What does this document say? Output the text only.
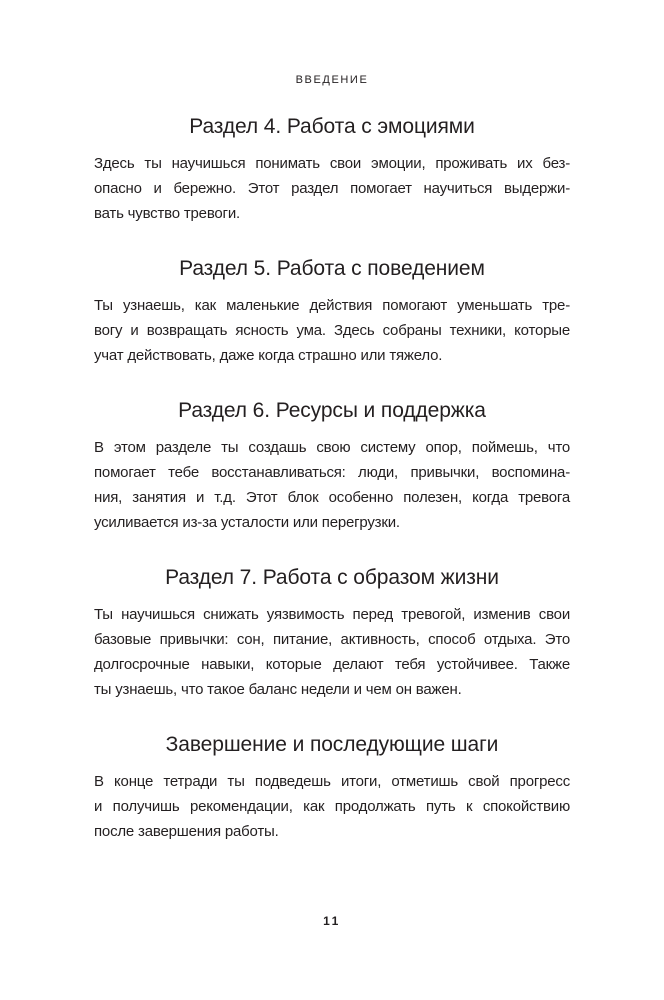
ВВЕДЕНИЕ
Раздел 4. Работа с эмоциями
Здесь ты научишься понимать свои эмоции, проживать их без-
опасно и бережно. Этот раздел помогает научиться выдержи-
вать чувство тревоги.
Раздел 5. Работа с поведением
Ты узнаешь, как маленькие действия помогают уменьшать тре-
вогу и возвращать ясность ума. Здесь собраны техники, которые
учат действовать, даже когда страшно или тяжело.
Раздел 6. Ресурсы и поддержка
В этом разделе ты создашь свою систему опор, поймешь, что
помогает тебе восстанавливаться: люди, привычки, воспомина-
ния, занятия и т.д. Этот блок особенно полезен, когда тревога
усиливается из-за усталости или перегрузки.
Раздел 7. Работа с образом жизни
Ты научишься снижать уязвимость перед тревогой, изменив свои
базовые привычки: сон, питание, активность, способ отдыха. Это
долгосрочные навыки, которые делают тебя устойчивее. Также
ты узнаешь, что такое баланс недели и чем он важен.
Завершение и последующие шаги
В конце тетради ты подведешь итоги, отметишь свой прогресс
и получишь рекомендации, как продолжать путь к спокойствию
после завершения работы.
11
